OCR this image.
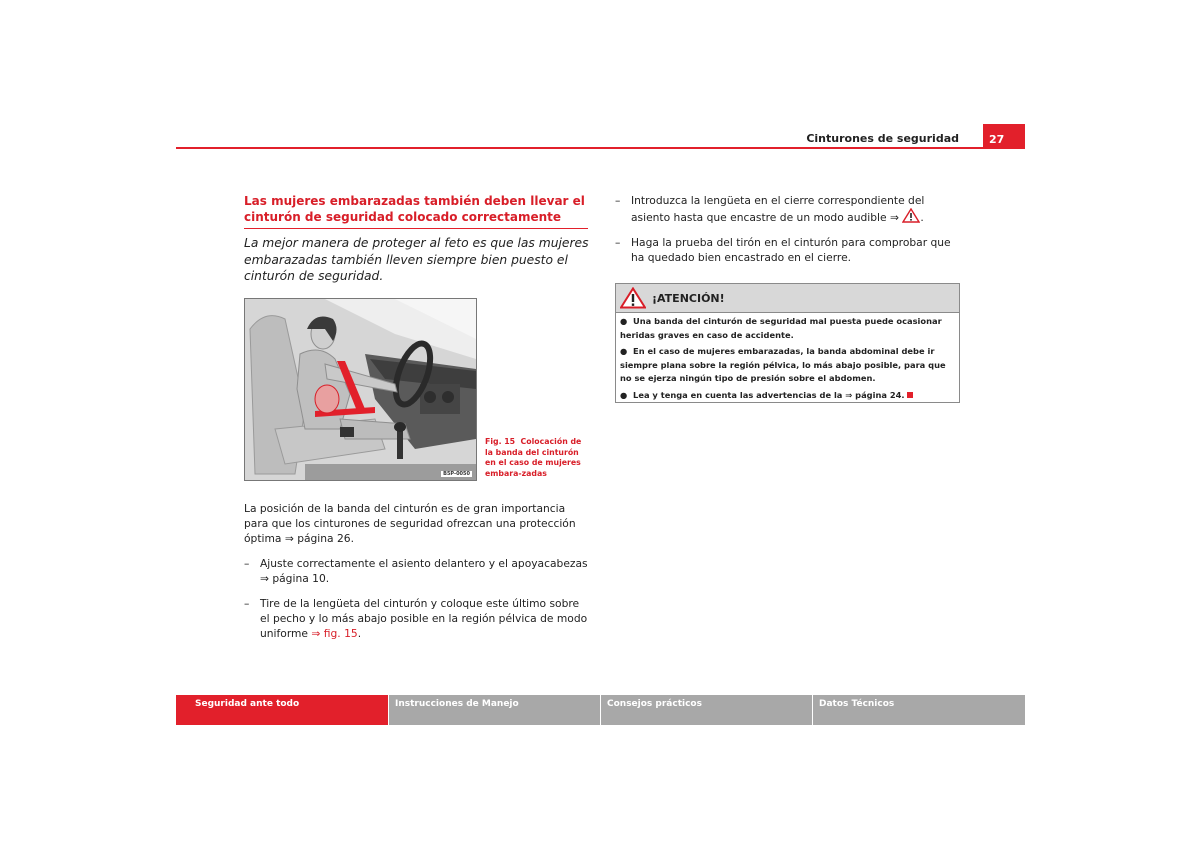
Cinturones de seguridad	27
Las mujeres embarazadas también deben llevar el cinturón de seguridad colocado correctamente
La mejor manera de proteger al feto es que las mujeres embarazadas también lleven siempre bien puesto el cinturón de seguridad.
B5P-0050
Fig. 15 Colocación de la banda del cinturón en el caso de mujeres embara-zadas
La posición de la banda del cinturón es de gran importancia para que los cinturones de seguridad ofrezcan una protección óptima ⇒ página 26.
– Ajuste correctamente el asiento delantero y el apoyacabezas ⇒ página 10.
– Tire de la lengüeta del cinturón y coloque este último sobre el pecho y lo más abajo posible en la región pélvica de modo uniforme ⇒ fig. 15.
– Introduzca la lengüeta en el cierre correspondiente del asiento hasta que encastre de un modo audible ⇒ .
– Haga la prueba del tirón en el cinturón para comprobar que ha quedado bien encastrado en el cierre.
¡ATENCIÓN!
●  Una banda del cinturón de seguridad mal puesta puede ocasionar heridas graves en caso de accidente.
●  En el caso de mujeres embarazadas, la banda abdominal debe ir siempre plana sobre la región pélvica, lo más abajo posible, para que no se ejerza ningún tipo de presión sobre el abdomen.
●  Lea y tenga en cuenta las advertencias de la ⇒ página 24.
Seguridad ante todo	Instrucciones de Manejo	Consejos prácticos	Datos Técnicos
